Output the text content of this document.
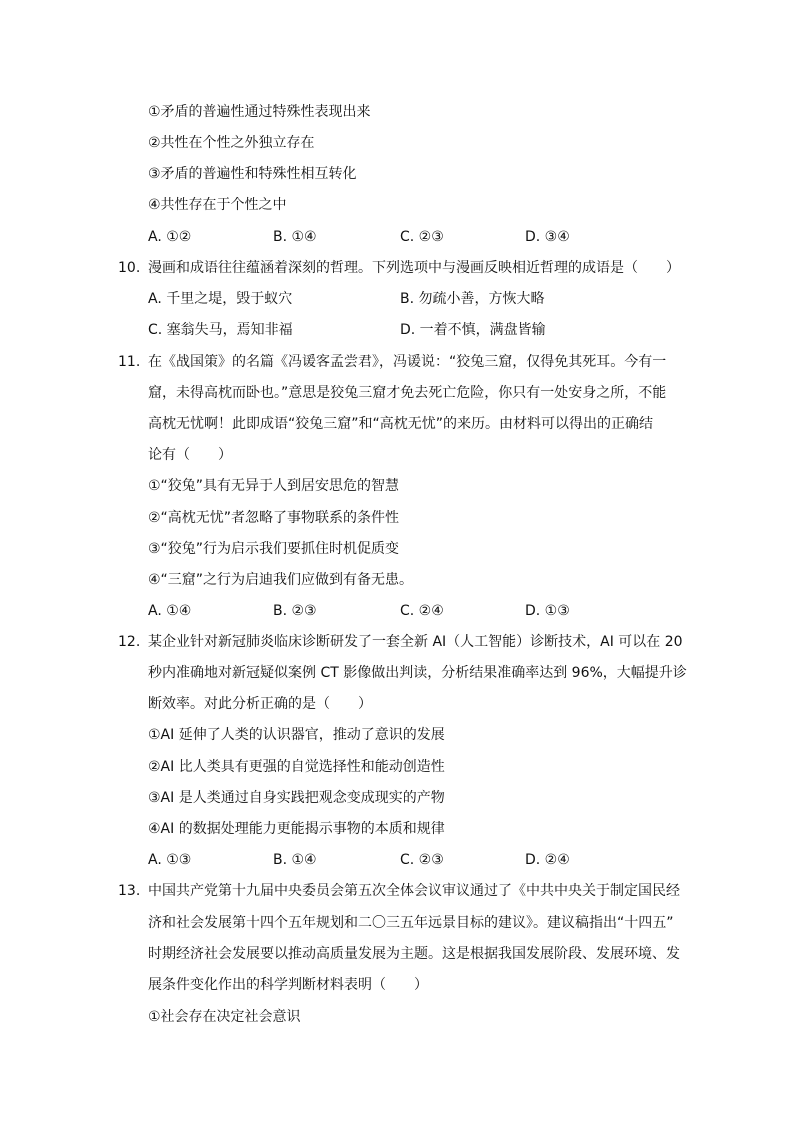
①矛盾的普遍性通过特殊性表现出来
②共性在个性之外独立存在
③矛盾的普遍性和特殊性相互转化
④共性存在于个性之中
A. ①②	B. ①④	C. ②③	D. ③④
10. 漫画和成语往往蕴涵着深刻的哲理。下列选项中与漫画反映相近哲理的成语是（　　）
A. 千里之堤，毁于蚁穴	B. 勿疏小善，方恢大略
C. 塞翁失马，焉知非福	D. 一着不慎，满盘皆输
11. 在《战国策》的名篇《冯谖客孟尝君》，冯谖说：“狡兔三窟，仅得免其死耳。今有一
窟，未得高枕而卧也。”意思是狡兔三窟才免去死亡危险，你只有一处安身之所，不能
高枕无忧啊！此即成语“狡兔三窟”和“高枕无忧”的来历。由材料可以得出的正确结
论有（　　）
①“狡兔”具有无异于人到居安思危的智慧
②“高枕无忧”者忽略了事物联系的条件性
③“狡兔”行为启示我们要抓住时机促质变
④“三窟”之行为启迪我们应做到有备无患。
A. ①④	B. ②③	C. ②④	D. ①③
12. 某企业针对新冠肺炎临床诊断研发了一套全新 AI（人工智能）诊断技术，AI 可以在 20
秒内准确地对新冠疑似案例 CT 影像做出判读，分析结果准确率达到 96%，大幅提升诊
断效率。对此分析正确的是（　　）
①AI 延伸了人类的认识器官，推动了意识的发展
②AI 比人类具有更强的自觉选择性和能动创造性
③AI 是人类通过自身实践把观念变成现实的产物
④AI 的数据处理能力更能揭示事物的本质和规律
A. ①③	B. ①④	C. ②③	D. ②④
13. 中国共产党第十九届中央委员会第五次全体会议审议通过了《中共中央关于制定国民经
济和社会发展第十四个五年规划和二〇三五年远景目标的建议》。建议稿指出“十四五”
时期经济社会发展要以推动高质量发展为主题。这是根据我国发展阶段、发展环境、发
展条件变化作出的科学判断材料表明（　　）
①社会存在决定社会意识
